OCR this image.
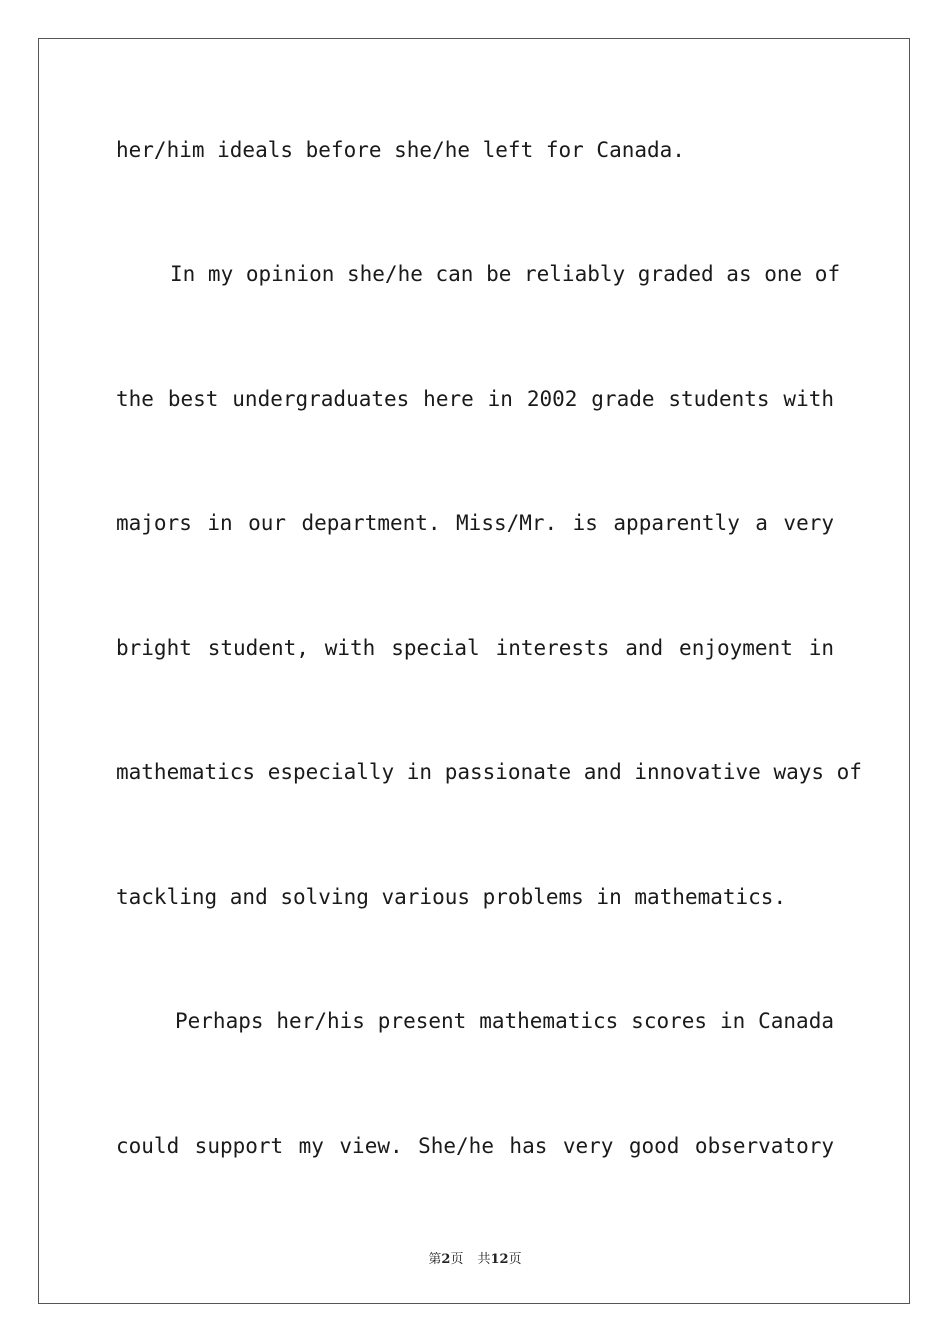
her/him ideals before she/he left for Canada.
In my opinion she/he can be reliably graded as one of
the best undergraduates here in 2002 grade students with
majors in our department. Miss/Mr. is apparently a very
bright student, with special interests and enjoyment in
mathematics especially in passionate and innovative ways of
tackling and solving various problems in mathematics.
Perhaps her/his present mathematics scores in Canada
could support my view. She/he has very good observatory
第2页 共12页
